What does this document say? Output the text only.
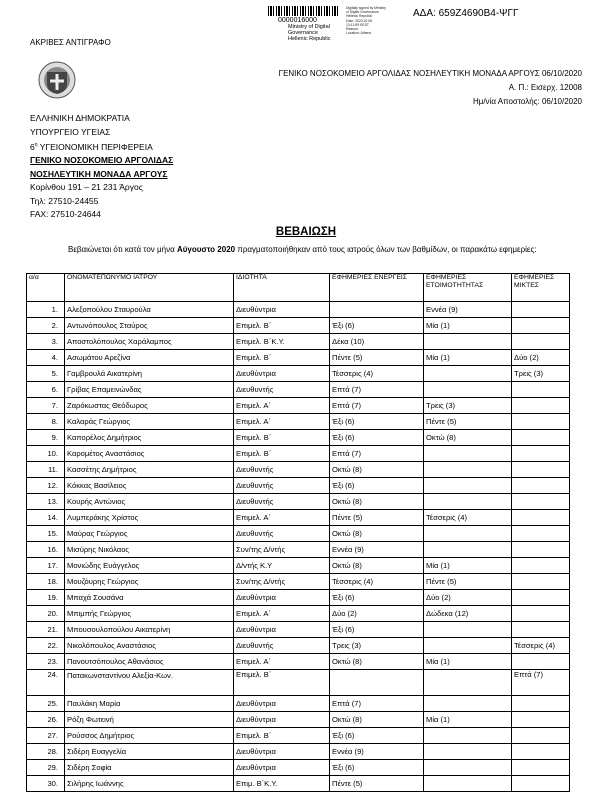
0000016000
Ministry of Digital
Governance
Hellenic Republic
Digitally signed by Ministry
of Digital Governance,
Hellenic Republic
Date: 2020.10.06
13:12:59 EEST
Reason:
Location: Athens
ΑΔΑ: 659Ζ4690Β4-ΨΓΓ
ΑΚΡΙΒΕΣ ΑΝΤΙΓΡΑΦΟ
ΓΕΝΙΚΟ ΝΟΣΟΚΟΜΕΙΟ ΑΡΓΟΛΙΔΑΣ ΝΟΣΗΛΕΥΤΙΚΗ ΜΟΝΑΔΑ ΑΡΓΟΥΣ 06/10/2020
Α. Π.: Εισερχ. 12008
Ημ/νία Αποστολής: 06/10/2020
ΕΛΛΗΝΙΚΗ ΔΗΜΟΚΡΑΤΙΑ
ΥΠΟΥΡΓΕΙΟ ΥΓΕΙΑΣ
$6^\eta$ ΥΓΕΙΟΝΟΜΙΚΗ ΠΕΡΙΦΕΡΕΙΑ
ΓΕΝΙΚΟ ΝΟΣΟΚΟΜΕΙΟ ΑΡΓΟΛΙΔΑΣ
ΝΟΣΗΛΕΥΤΙΚΗ ΜΟΝΑΔΑ ΑΡΓΟΥΣ
Κορίνθου 191 – 21 231 Άργος
Τηλ: 27510-24455
FAX: 27510-24644
ΒΕΒΑΙΩΣΗ
Βεβαιώνεται ότι κατά τον μήνα Αύγουστο 2020 πραγματοποιήθηκαν από τους ιατρούς όλων των βαθμίδων, οι παρακάτω εφημερίες:
α/α	ΟΝΟΜΑΤΕΠΩΝΥΜΟ ΙΑΤΡΟΥ	ΙΔΙΟΤΗΤΑ	ΕΦΗΜΕΡΙΕΣ ΕΝΕΡΓΕΙΣ	ΕΦΗΜΕΡΙΕΣ ΕΤΟΙΜΟΤΗΤΗΤΑΣ	ΕΦΗΜΕΡΙΕΣ ΜΙΚΤΕΣ
1.	Αλεξοπούλου Σταυρούλα	Διευθύντρια		Εννέα (9)	
2.	Αντωνόπουλος Σταύρος	Επιμελ. Β΄	Έξι (6)	Μία (1)	
3.	Αποστολόπουλος Χαράλαμπος	Επιμελ. Β΄Κ.Υ.	Δέκα (10)		
4.	Ασωμάτου Αρεζίνα	Επιμελ. Β΄	Πέντε (5)	Μία (1)	Δύο (2)
5.	Γαμβρουλά Αικατερίνη	Διευθύντρια	Τέσσερις (4)		Τρεις (3)
6.	Γρίβας Επαμεινώνδας	Διευθυντής	Επτά (7)		
7.	Ζαρόκωστας Θεόδωρος	Επιμελ. Α΄	Επτά (7)	Τρεις (3)	
8.	Καλαράς Γεώργιος	Επιμελ. Α΄	Έξι (6)	Πέντε (5)	
9.	Καπορέλος Δημήτριος	Επιμελ. Β΄	Έξι (6)	Οκτώ (8)	
10.	Καρομέτος Αναστάσιος	Επιμελ. Β΄	Επτά (7)		
11.	Κασσέτης Δημήτριος	Διευθυντής	Οκτώ (8)		
12.	Κόκκας Βασίλειος	Διευθυντής	Έξι (6)		
13.	Κουρής Αντώνιος	Διευθυντής	Οκτώ (8)		
14.	Λυμπεράκης Χρίστος	Επιμελ. Α΄	Πέντε (5)	Τέσσερις (4)	
15.	Μαύρας Γεώργιος	Διευθυντής	Οκτώ (8)		
16.	Μισύρης Νικόλαος	Συν/της Δ/ντής	Εννέα (9)		
17.	Μονιώδης Ευάγγελος	Δ/ντής Κ.Υ	Οκτώ (8)	Μία (1)	
18.	Μουζόυρης Γεώργιος	Συν/της Δ/ντής	Τέσσερις (4)	Πέντε (5)	
19.	Μπαχά Σουσάνα	Διευθύντρια	Έξι (6)	Δύο (2)	
20.	Μπιμπής Γεώργιος	Επιμελ. Α΄	Δύο (2)	Δώδεκα (12)	
21.	Μπουσουλοπούλου Αικατερίνη	Διευθύντρια	Έξι (6)		
22.	Νικολόπουλος Αναστάσιος	Διευθυντής	Τρεις (3)		Τέσσερις (4)
23.	Πανουτσόπουλος Αθανάσιος	Επιμελ. Α΄	Οκτώ (8)	Μία (1)	
24.	Πατακωνσταντίνου Αλεξία-Κων.	Επιμελ. Β΄			Επτά (7)
25.	Παυλάκη Μαρία	Διευθύντρια	Επτά (7)		
26.	Ρόζη Φωτεινή	Διευθύντρια	Οκτώ (8)	Μία (1)	
27.	Ρούσσος Δημήτριος	Επιμελ. Β΄	Έξι (6)		
28.	Σιδέρη Ευαγγελία	Διευθύντρια	Εννέα (9)		
29.	Σιδέρη Σοφία	Διευθύντρια	Έξι (6)		
30.	Σιλήρης Ιωάννης	Επιμ. Β΄Κ.Υ.	Πέντε (5)		
